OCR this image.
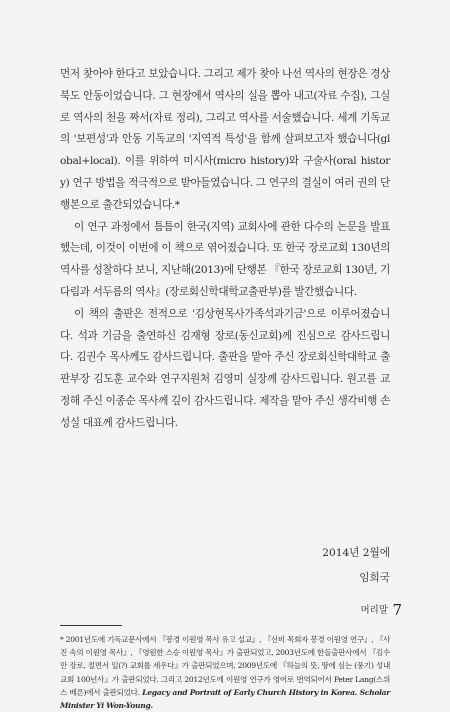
먼저 찾아야 한다고 보았습니다. 그리고 제가 찾아 나선 역사의 현장은 경상북도 안동이었습니다. 그 현장에서 역사의 실을 뽑아 내고(자료 수집), 그실로 역사의 천을 짜서(자료 정리), 그리고 역사를 서술했습니다. 세계 기독교의 '보편성'과 안동 기독교의 '지역적 특성'을 함께 살펴보고자 했습니다(global+local). 이를 위하여 미시사(micro history)와 구술사(oral history) 연구 방법을 적극적으로 받아들였습니다. 그 연구의 결실이 여러 권의 단행본으로 출간되었습니다.*

이 연구 과정에서 틈틈이 한국(지역) 교회사에 관한 다수의 논문을 발표했는데, 이것이 이번에 이 책으로 엮어졌습니다. 또 한국 장로교회 130년의 역사를 성찰하다 보니, 지난해(2013)에 단행본 『한국 장로교회 130년, 기다림과 서두름의 역사』(장로회신학대학교출판부)를 발간했습니다.

이 책의 출판은 전적으로 '김상현목사가족석과기금'으로 이루어졌습니다. 석과 기금을 출연하신 김재형 장로(동신교회)께 진심으로 감사드립니다. 김권수 목사께도 감사드립니다. 출판을 맡아 주신 장로회신학대학교 출판부장 김도훈 교수와 연구지원처 김영미 실장께 감사드립니다. 원고를 교정해 주신 이종순 목사께 깊이 감사드립니다. 제작을 맡아 주신 생각비행 손성실 대표께 감사드립니다.

2014년 2월에
임희국
* 2001년도에 기독교문사에서 『봉경 이원영 목사 유고 설교』, 『선비 목회자 봉경 이원영 연구』, 『사진 속의 이원영 목사』, 『영원한 스승 이원영 목사』가 출판되었고, 2003년도에 한들출판사에서 『김수만 장로, 절면서 일(?) 교회를 세우다』가 출판되었으며, 2009년도에 『하늘의 뜻, 땅에 심는 (풍기) 성내교회 100년사』가 출판되었다. 그리고 2012년도에 이원영 연구가 영어로 번역되어서 Peter Lang(스위스 베른)에서 출판되었다. Legacy and Portrait of Early Church History in Korea. Scholar Minister Yi Won-Young.
머리말 7
